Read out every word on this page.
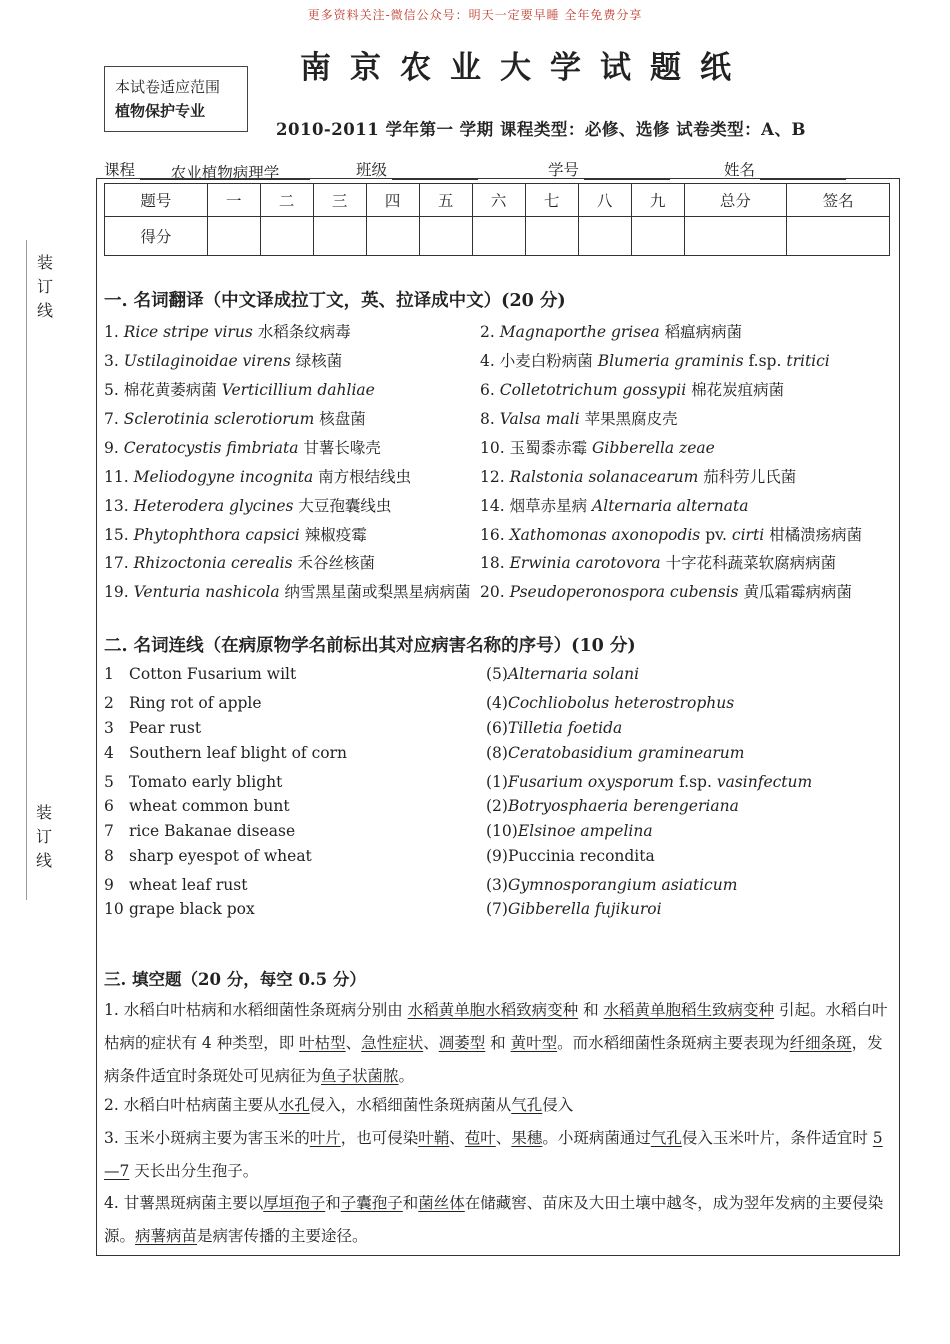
更多资料关注-微信公众号：明天一定要早睡 全年免费分享
本试卷适应范围
植物保护专业
南京农业大学试题纸
2010-2011 学年第一 学期 课程类型：必修、选修 试卷类型：A、B
课程 农业植物病理学	班级	学号	姓名
题号	一	二	三	四	五	六	七	八	九	总分	签名
得分											
装
订
线
装
订
线
一. 名词翻译（中文译成拉丁文，英、拉译成中文）(20 分)
1. Rice stripe virus 水稻条纹病毒	2. Magnaporthe grisea 稻瘟病病菌
3. Ustilaginoidae virens 绿核菌	4. 小麦白粉病菌 Blumeria graminis f.sp. tritici
5. 棉花黄萎病菌 Verticillium dahliae	6. Colletotrichum gossypii 棉花炭疽病菌
7. Sclerotinia sclerotiorum 核盘菌	8. Valsa mali 苹果黑腐皮壳
9. Ceratocystis fimbriata 甘薯长喙壳	10. 玉蜀黍赤霉 Gibberella zeae
11. Meliodogyne incognita 南方根结线虫	12. Ralstonia solanacearum 茄科劳儿氏菌
13. Heterodera glycines 大豆孢囊线虫	14. 烟草赤星病 Alternaria alternata
15. Phytophthora capsici 辣椒疫霉	16. Xathomonas axonopodis pv. cirti 柑橘溃疡病菌
17. Rhizoctonia cerealis 禾谷丝核菌	18. Erwinia carotovora 十字花科蔬菜软腐病病菌
19. Venturia nashicola 纳雪黑星菌或梨黑星病病菌 20. Pseudoperonospora cubensis 黄瓜霜霉病病菌
二. 名词连线（在病原物学名前标出其对应病害名称的序号）(10 分)
1 Cotton Fusarium wilt	(5)Alternaria solani
2 Ring rot of apple	(4)Cochliobolus heterostrophus
3 Pear rust	(6)Tilletia foetida
4 Southern leaf blight of corn	(8)Ceratobasidium graminearum
5 Tomato early blight	(1)Fusarium oxysporum f.sp. vasinfectum
6 wheat common bunt	(2)Botryosphaeria berengeriana
7 rice Bakanae disease	(10)Elsinoe ampelina
8 sharp eyespot of wheat	(9)Puccinia recondita
9 wheat leaf rust	(3)Gymnosporangium asiaticum
10 grape black pox	(7)Gibberella fujikuroi
三. 填空题（20 分，每空 0.5 分）
1. 水稻白叶枯病和水稻细菌性条斑病分别由 水稻黄单胞水稻致病变种 和 水稻黄单胞稻生致病变种 引起。水稻白叶枯病的症状有 4 种类型，即 叶枯型、急性症状、凋萎型 和 黄叶型。而水稻细菌性条斑病主要表现为纤细条斑，发病条件适宜时条斑处可见病征为鱼子状菌脓。
2. 水稻白叶枯病菌主要从水孔侵入，水稻细菌性条斑病菌从气孔侵入
3. 玉米小斑病主要为害玉米的叶片，也可侵染叶鞘、苞叶、果穗。小斑病菌通过气孔侵入玉米叶片，条件适宜时 5—7 天长出分生孢子。
4. 甘薯黑斑病菌主要以厚垣孢子和子囊孢子和菌丝体在储藏窖、苗床及大田土壤中越冬，成为翌年发病的主要侵染源。病薯病苗是病害传播的主要途径。
